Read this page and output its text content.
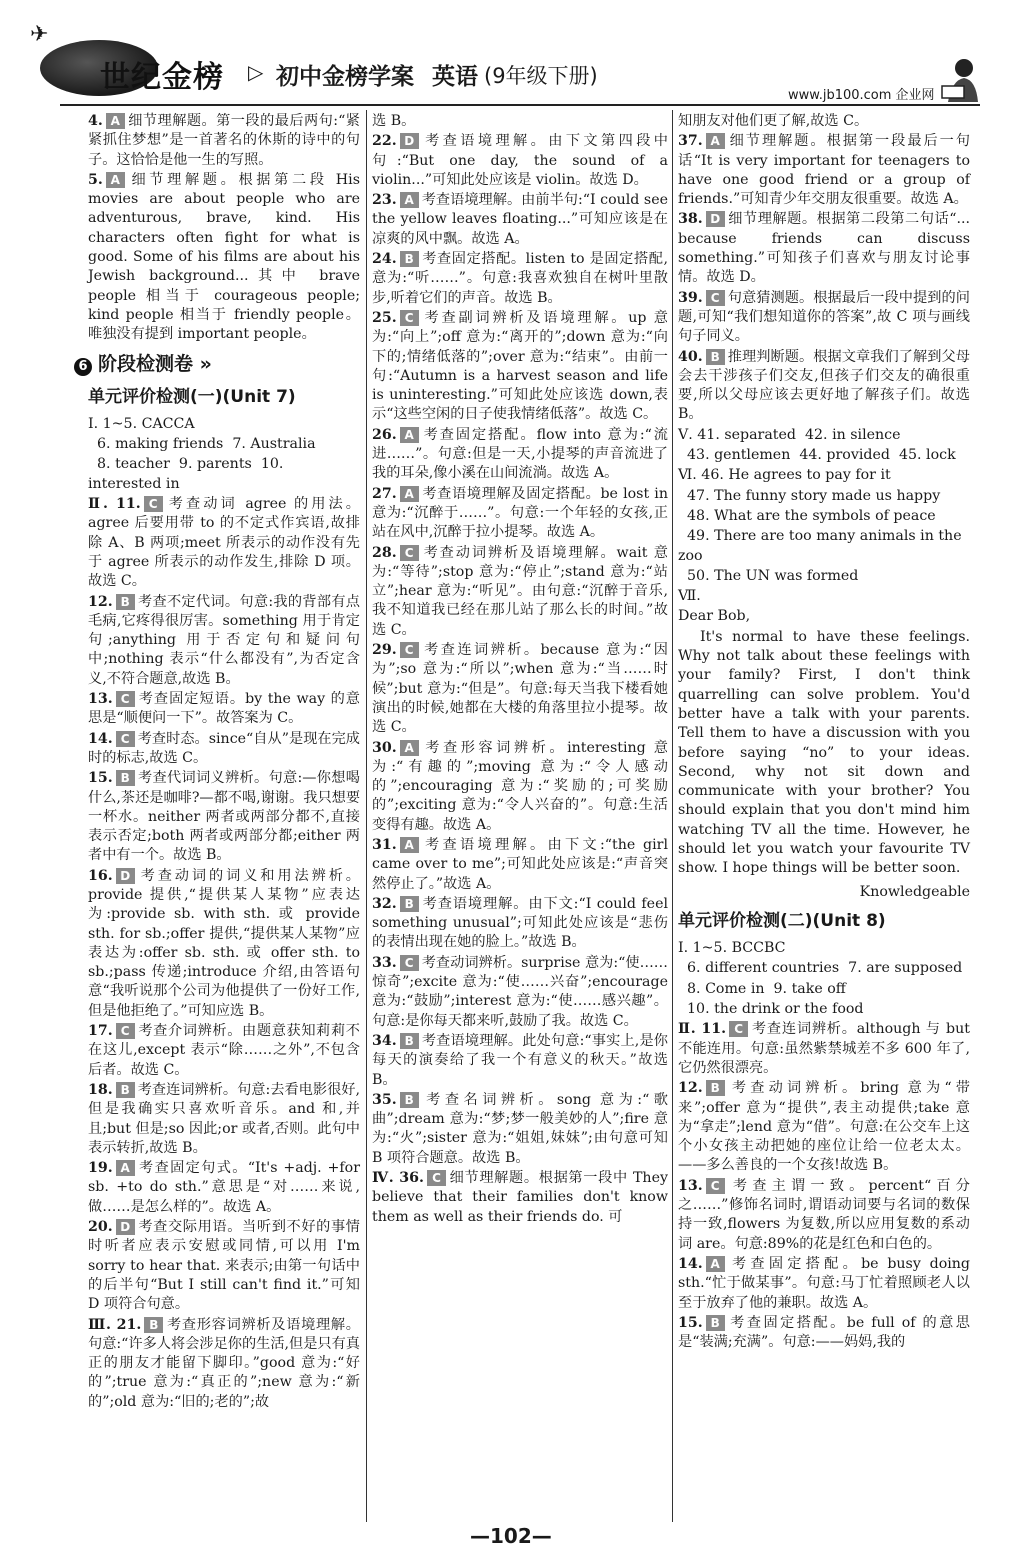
✈
世纪金榜 ▷ 初中金榜学案 英语 (9年级下册)
www.jb100.com 企业网
4. A 细节理解题。第一段的最后两句:“紧紧抓住梦想”是一首著名的休斯的诗中的句子。这恰恰是他一生的写照。
5. A 细节理解题。根据第二段 His movies are about people who are adventurous, brave, kind. His characters often fight for what is good. Some of his films are about his Jewish background...其中 brave people 相当于 courageous people; kind people 相当于 friendly people。唯独没有提到 important people。
6 阶段检测卷 »
单元评价检测(一)(Unit 7)
Ⅰ. 1~5. CACCA
6. making friends  7. Australia
8. teacher  9. parents  10. interested in
Ⅱ. 11. C 考查动词 agree 的用法。agree 后要用带 to 的不定式作宾语,故排除 A、B 两项;meet 所表示的动作没有先于 agree 所表示的动作发生,排除 D 项。故选 C。
12. B 考查不定代词。句意:我的背部有点毛病,它疼得很厉害。something 用于肯定句;anything 用于否定句和疑问句中;nothing 表示“什么都没有”,为否定含义,不符合题意,故选 B。
13. C 考查固定短语。by the way 的意思是“顺便问一下”。故答案为 C。
14. C 考查时态。since“自从”是现在完成时的标志,故选 C。
15. B 考查代词词义辨析。句意:—你想喝什么,茶还是咖啡?—都不喝,谢谢。我只想要一杯水。neither 两者或两部分都不,直接表示否定;both 两者或两部分都;either 两者中有一个。故选 B。
16. D 考查动词的词义和用法辨析。provide 提供,“提供某人某物”应表达为:provide sb. with sth. 或 provide sth. for sb.;offer 提供,“提供某人某物”应表达为:offer sb. sth. 或 offer sth. to sb.;pass 传递;introduce 介绍,由答语句意“我听说那个公司为他提供了一份好工作,但是他拒绝了。”可知应选 B。
17. C 考查介词辨析。由题意获知莉莉不在这儿,except 表示“除……之外”,不包含后者。故选 C。
18. B 考查连词辨析。句意:去看电影很好,但是我确实只喜欢听音乐。and 和,并且;but 但是;so 因此;or 或者,否则。此句中表示转折,故选 B。
19. A 考查固定句式。“It's +adj. +for sb. +to do sth.”意思是“对……来说,做……是怎么样的”。故选 A。
20. D 考查交际用语。当听到不好的事情时听者应表示安慰或同情,可以用 I'm sorry to hear that. 来表示;由第一句话中的后半句“But I still can't find it.”可知 D 项符合句意。
Ⅲ. 21. B 考查形容词辨析及语境理解。句意:“许多人将会涉足你的生活,但是只有真正的朋友才能留下脚印。”good 意为:“好的”;true 意为:“真正的”;new 意为:“新的”;old 意为:“旧的;老的”;故
选 B。
22. D 考查语境理解。由下文第四段中句:“But one day, the sound of a violin...”可知此处应该是 violin。故选 D。
23. A 考查语境理解。由前半句:“I could see the yellow leaves floating...”可知应该是在凉爽的风中飘。故选 A。
24. B 考查固定搭配。listen to 是固定搭配,意为:“听……”。句意:我喜欢独自在树叶里散步,听着它们的声音。故选 B。
25. C 考查副词辨析及语境理解。up 意为:“向上”;off 意为:“离开的”;down 意为:“向下的;情绪低落的”;over 意为:“结束”。由前一句:“Autumn is a harvest season and life is uninteresting.”可知此处应该选 down,表示“这些空闲的日子使我情绪低落”。故选 C。
26. A 考查固定搭配。flow into 意为:“流进……”。句意:但是一天,小提琴的声音流进了我的耳朵,像小溪在山间流淌。故选 A。
27. A 考查语境理解及固定搭配。be lost in 意为:“沉醉于……”。句意:一个年轻的女孩,正站在风中,沉醉于拉小提琴。故选 A。
28. C 考查动词辨析及语境理解。wait 意为:“等待”;stop 意为:“停止”;stand 意为:“站立”;hear 意为:“听见”。由句意:“沉醉于音乐,我不知道我已经在那儿站了那么长的时间。”故选 C。
29. C 考查连词辨析。because 意为:“因为”;so 意为:“所以”;when 意为:“当……时候”;but 意为:“但是”。句意:每天当我下楼看她演出的时候,她都在大楼的角落里拉小提琴。故选 C。
30. A 考查形容词辨析。interesting 意为:“有趣的”;moving 意为:“令人感动的”;encouraging 意为:“奖励的;可奖励的”;exciting 意为:“令人兴奋的”。句意:生活变得有趣。故选 A。
31. A 考查语境理解。由下文:“the girl came over to me”;可知此处应该是:“声音突然停止了。”故选 A。
32. B 考查语境理解。由下文:“I could feel something unusual”;可知此处应该是“悲伤的表情出现在她的脸上。”故选 B。
33. C 考查动词辨析。surprise 意为:“使……惊奇”;excite 意为:“使……兴奋”;encourage 意为:“鼓励”;interest 意为:“使……感兴趣”。句意:是你每天都来听,鼓励了我。故选 C。
34. B 考查语境理解。此处句意:“事实上,是你每天的演奏给了我一个有意义的秋天。”故选 B。
35. B 考查名词辨析。song 意为:“歌曲”;dream 意为:“梦;梦一般美妙的人”;fire 意为:“火”;sister 意为:“姐姐,妹妹”;由句意可知 B 项符合题意。故选 B。
Ⅳ. 36. C 细节理解题。根据第一段中 They believe that their families don't know them as well as their friends do. 可
知朋友对他们更了解,故选 C。
37. A 细节理解题。根据第一段最后一句话“It is very important for teenagers to have one good friend or a group of friends.”可知青少年交朋友很重要。故选 A。
38. D 细节理解题。根据第二段第二句话“... because friends can discuss something.”可知孩子们喜欢与朋友讨论事情。故选 D。
39. C 句意猜测题。根据最后一段中提到的问题,可知“我们想知道你的答案”,故 C 项与画线句子同义。
40. B 推理判断题。根据文章我们了解到父母会去干涉孩子们交友,但孩子们交友的确很重要,所以父母应该去更好地了解孩子们。故选 B。
Ⅴ. 41. separated  42. in silence
43. gentlemen  44. provided  45. lock
Ⅵ. 46. He agrees to pay for it
47. The funny story made us happy
48. What are the symbols of peace
49. There are too many animals in the zoo
50. The UN was formed
Ⅶ.
Dear Bob,
It's normal to have these feelings. Why not talk about these feelings with your family? First, I don't think quarrelling can solve problem. You'd better have a talk with your parents. Tell them to have a discussion with you before saying “no” to your ideas. Second, why not sit down and communicate with your brother? You should explain that you don't mind him watching TV all the time. However, he should let you watch your favourite TV show. I hope things will be better soon.
Knowledgeable
单元评价检测(二)(Unit 8)
Ⅰ. 1~5. BCCBC
6. different countries  7. are supposed
8. Come in  9. take off
10. the drink or the food
Ⅱ. 11. C 考查连词辨析。although 与 but 不能连用。句意:虽然紫禁城差不多 600 年了,它仍然很漂亮。
12. B 考查动词辨析。bring 意为“带来”;offer 意为“提供”,表主动提供;take 意为“拿走”;lend 意为“借”。句意:在公交车上这个小女孩主动把她的座位让给一位老太太。——多么善良的一个女孩!故选 B。
13. C 考查主谓一致。percent“百分之……”修饰名词时,谓语动词要与名词的数保持一致,flowers 为复数,所以应用复数的系动词 are。句意:89%的花是红色和白色的。
14. A 考查固定搭配。be busy doing sth.“忙于做某事”。句意:马丁忙着照顾老人以至于放弃了他的兼职。故选 A。
15. B 考查固定搭配。be full of 的意思是“装满;充满”。句意:——妈妈,我的
—102—
